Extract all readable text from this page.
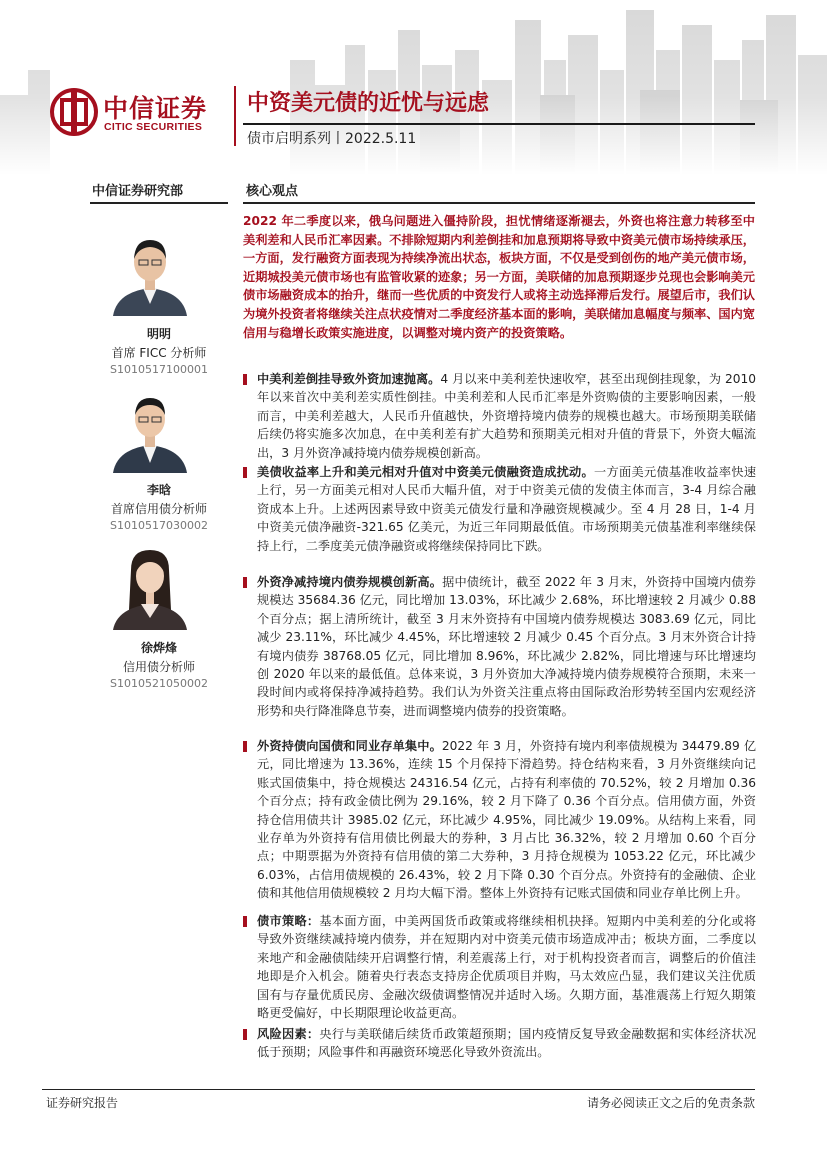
中信证券
CITIC SECURITIES
中资美元债的近忧与远虑
债市启明系列丨2022.5.11
中信证券研究部	核心观点
2022 年二季度以来，俄乌问题进入僵持阶段，担忧情绪逐渐褪去，外资也将注意力转移至中美利差和人民币汇率因素。不排除短期内利差倒挂和加息预期将导致中资美元债市场持续承压，一方面，发行融资方面表现为持续净流出状态，板块方面，不仅是受到创伤的地产美元债市场，近期城投美元债市场也有监管收紧的迹象；另一方面，美联储的加息预期逐步兑现也会影响美元债市场融资成本的抬升，继而一些优质的中资发行人或将主动选择滞后发行。展望后市，我们认为境外投资者将继续关注点状疫情对二季度经济基本面的影响，美联储加息幅度与频率、国内宽信用与稳增长政策实施进度，以调整对境内资产的投资策略。
明明
首席 FICC 分析师
S1010517100001
李晗
首席信用债分析师
S1010517030002
徐烨烽
信用债分析师
S1010521050002
中美利差倒挂导致外资加速抛离。4 月以来中美利差快速收窄，甚至出现倒挂现象，为 2010 年以来首次中美利差实质性倒挂。中美利差和人民币汇率是外资购债的主要影响因素，一般而言，中美利差越大，人民币升值越快，外资增持境内债券的规模也越大。市场预期美联储后续仍将实施多次加息，在中美利差有扩大趋势和预期美元相对升值的背景下，外资大幅流出，3 月外资净减持境内债券规模创新高。
美债收益率上升和美元相对升值对中资美元债融资造成扰动。一方面美元债基准收益率快速上行，另一方面美元相对人民币大幅升值，对于中资美元债的发债主体而言，3-4 月综合融资成本上升。上述两因素导致中资美元债发行量和净融资规模减少。至 4 月 28 日，1-4 月中资美元债净融资-321.65 亿美元，为近三年同期最低值。市场预期美元债基准利率继续保持上行，二季度美元债净融资或将继续保持同比下跌。
外资净减持境内债券规模创新高。据中债统计，截至 2022 年 3 月末，外资持中国境内债券规模达 35684.36 亿元，同比增加 13.03%，环比减少 2.68%，环比增速较 2 月减少 0.88 个百分点；据上清所统计，截至 3 月末外资持有中国境内债券规模达 3083.69 亿元，同比减少 23.11%，环比减少 4.45%，环比增速较 2 月减少 0.45 个百分点。3 月末外资合计持有境内债券 38768.05 亿元，同比增加 8.96%，环比减少 2.82%，同比增速与环比增速均创 2020 年以来的最低值。总体来说，3 月外资加大净减持境内债券规模符合预期，未来一段时间内或将保持净减持趋势。我们认为外资关注重点将由国际政治形势转至国内宏观经济形势和央行降准降息节奏，进而调整境内债券的投资策略。
外资持债向国债和同业存单集中。2022 年 3 月，外资持有境内利率债规模为 34479.89 亿元，同比增速为 13.36%，连续 15 个月保持下滑趋势。持仓结构来看，3 月外资继续向记账式国债集中，持仓规模达 24316.54 亿元，占持有利率债的 70.52%，较 2 月增加 0.36 个百分点；持有政金债比例为 29.16%，较 2 月下降了 0.36 个百分点。信用债方面，外资持仓信用债共计 3985.02 亿元，环比减少 4.95%，同比减少 19.09%。从结构上来看，同业存单为外资持有信用债比例最大的券种，3 月占比 36.32%，较 2 月增加 0.60 个百分点；中期票据为外资持有信用债的第二大券种，3 月持仓规模为 1053.22 亿元，环比减少 6.03%，占信用债规模的 26.43%，较 2 月下降 0.30 个百分点。外资持有的金融债、企业债和其他信用债规模较 2 月均大幅下滑。整体上外资持有记账式国债和同业存单比例上升。
债市策略：基本面方面，中美两国货币政策或将继续相机抉择。短期内中美利差的分化或将导致外资继续减持境内债券，并在短期内对中资美元债市场造成冲击；板块方面，二季度以来地产和金融债陆续开启调整行情，利差震荡上行，对于机构投资者而言，调整后的价值洼地即是介入机会。随着央行表态支持房企优质项目并购，马太效应凸显，我们建议关注优质国有与存量优质民房、金融次级债调整情况并适时入场。久期方面，基准震荡上行短久期策略更受偏好，中长期限理论收益更高。
风险因素：央行与美联储后续货币政策超预期；国内疫情反复导致金融数据和实体经济状况低于预期；风险事件和再融资环境恶化导致外资流出。
证券研究报告	请务必阅读正文之后的免责条款
